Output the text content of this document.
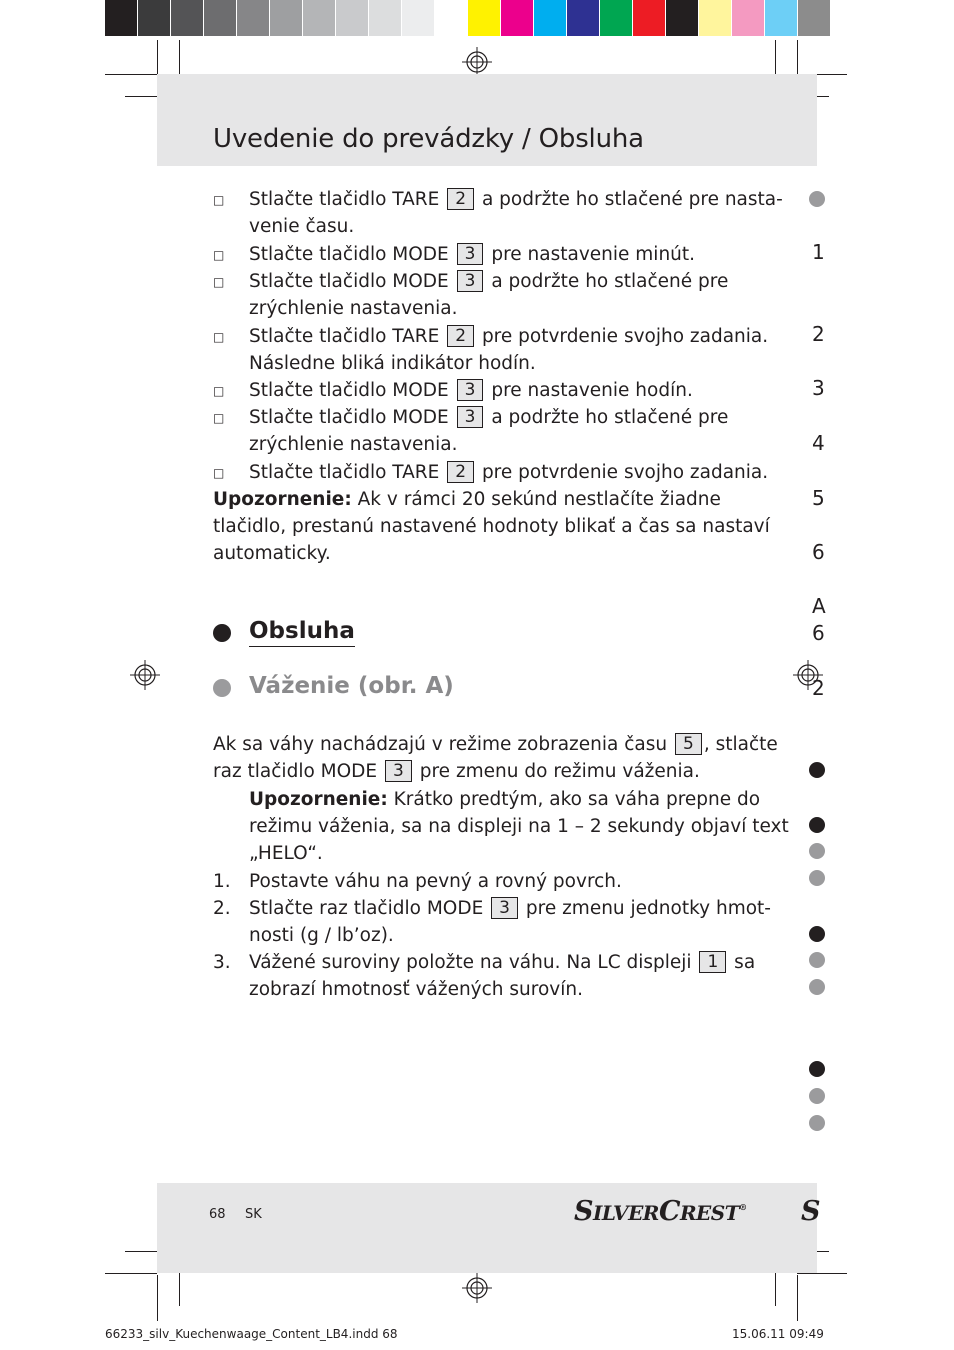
Uvedenie do prevádzky / Obsluha
□ Stlačte tlačidlo TARE 2 a podržte ho stlačené pre nasta-
venie času.
□ Stlačte tlačidlo MODE 3 pre nastavenie minút.
□ Stlačte tlačidlo MODE 3 a podržte ho stlačené pre
zrýchlenie nastavenia.
□ Stlačte tlačidlo TARE 2 pre potvrdenie svojho zadania.
Následne bliká indikátor hodín.
□ Stlačte tlačidlo MODE 3 pre nastavenie hodín.
□ Stlačte tlačidlo MODE 3 a podržte ho stlačené pre
zrýchlenie nastavenia.
□ Stlačte tlačidlo TARE 2 pre potvrdenie svojho zadania.
Upozornenie: Ak v rámci 20 sekúnd nestlačíte žiadne
tlačidlo, prestanú nastavené hodnoty blikať a čas sa nastaví
automaticky.
Obsluha
Váženie (obr. A)
Ak sa váhy nachádzajú v režime zobrazenia času 5 , stlačte
raz tlačidlo MODE 3 pre zmenu do režimu váženia.
Upozornenie: Krátko predtým, ako sa váha prepne do
režimu váženia, sa na displeji na 1 – 2 sekundy objaví text
„HELO“.
1. Postavte váhu na pevný a rovný povrch.
2. Stlačte raz tlačidlo MODE 3 pre zmenu jednotky hmot-
nosti (g / lb’oz).
3. Vážené suroviny položte na váhu. Na LC displeji 1 sa
zobrazí hmotnosť vážených surovín.
1
2
3
4
5
6
A
6
2
68 SK	SILVERCREST® S
66233_silv_Kuechenwaage_Content_LB4.indd 68	15.06.11 09:49
